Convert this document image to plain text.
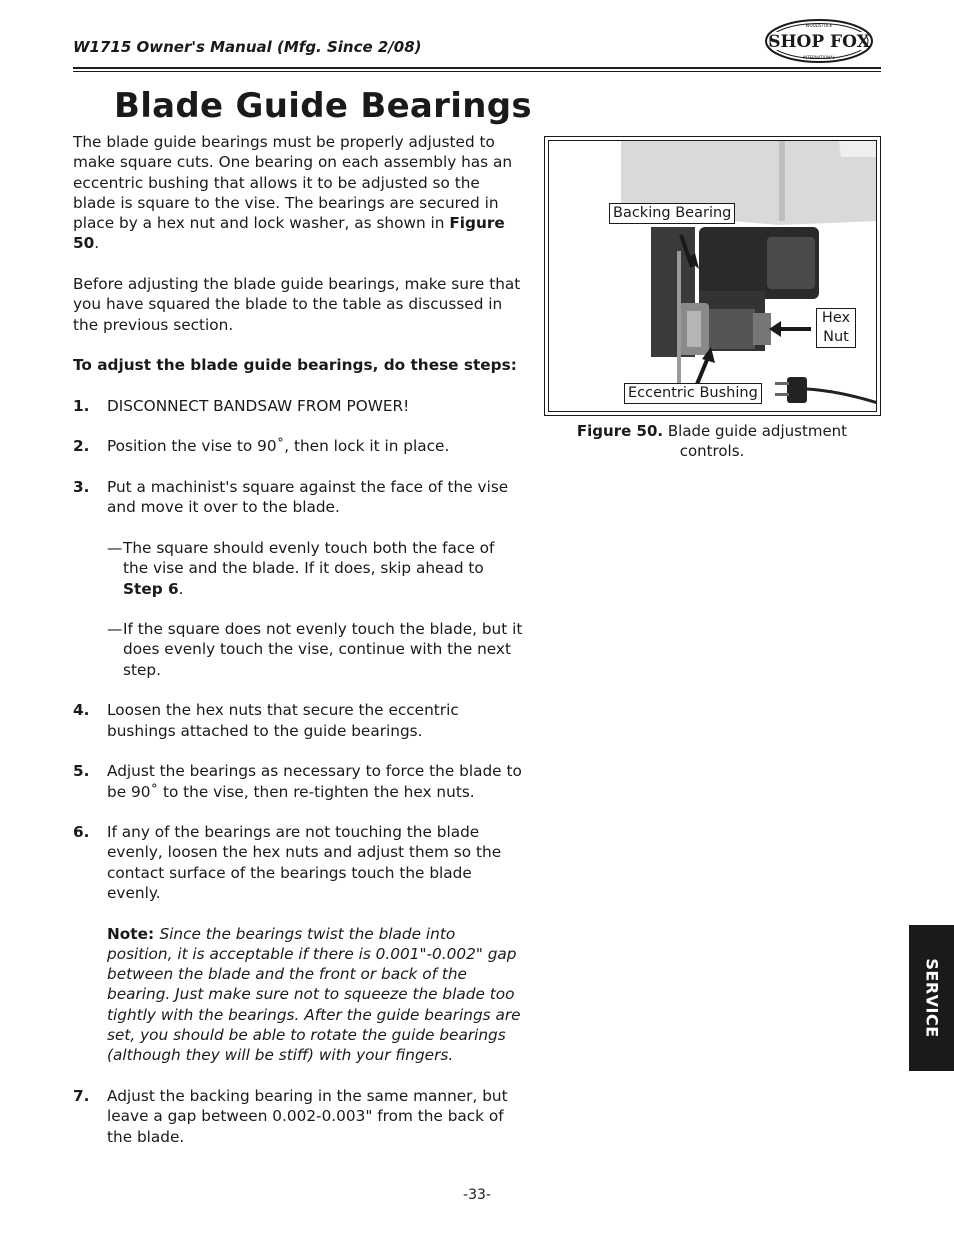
W1715 Owner's Manual (Mfg. Since 2/08)	SHOP FOX
WOODSTOCK
INTERNATIONAL
Blade Guide Bearings

The blade guide bearings must be properly adjusted to make square cuts. One bearing on each assembly has an eccentric bushing that allows it to be adjusted so the blade is square to the vise. The bearings are secured in place by a hex nut and lock washer, as shown in Figure 50.

Before adjusting the blade guide bearings, make sure that you have squared the blade to the table as discussed in the previous section.

To adjust the blade guide bearings, do these steps:

1. DISCONNECT BANDSAW FROM POWER!
2. Position the vise to 90˚, then lock it in place.
3. Put a machinist's square against the face of the vise and move it over to the blade.
— The square should evenly touch both the face of the vise and the blade. If it does, skip ahead to Step 6.
— If the square does not evenly touch the blade, but it does evenly touch the vise, continue with the next step.
4. Loosen the hex nuts that secure the eccentric bushings attached to the guide bearings.
5. Adjust the bearings as necessary to force the blade to be 90˚ to the vise, then re-tighten the hex nuts.
6. If any of the bearings are not touching the blade evenly, loosen the hex nuts and adjust them so the contact surface of the bearings touch the blade evenly.
Note: Since the bearings twist the blade into position, it is acceptable if there is 0.001"-0.002" gap between the blade and the front or back of the bearing. Just make sure not to squeeze the blade too tightly with the bearings. After the guide bearings are set, you should be able to rotate the guide bearings (although they will be stiff) with your fingers.
7. Adjust the backing bearing in the same manner, but leave a gap between 0.002-0.003" from the back of the blade.
Backing Bearing
Hex
Nut
Eccentric Bushing
Figure 50. Blade guide adjustment controls.
SERVICE
-33-
